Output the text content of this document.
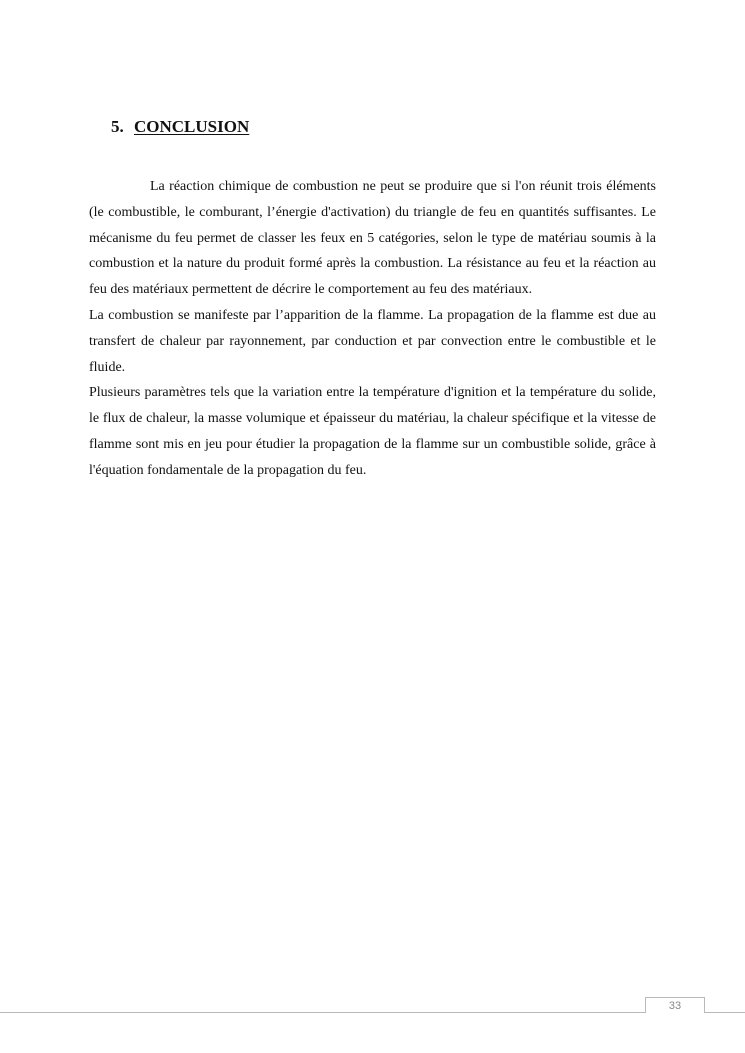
5. CONCLUSION

La réaction chimique de combustion ne peut se produire que si l'on réunit trois éléments (le combustible, le comburant, l’énergie d'activation) du triangle de feu en quantités suffisantes. Le mécanisme du feu permet de classer les feux en 5 catégories, selon le type de matériau soumis à la combustion et la nature du produit formé après la combustion. La résistance au feu et la réaction au feu des matériaux permettent de décrire le comportement au feu des matériaux.

La combustion se manifeste par l’apparition de la flamme. La propagation de la flamme est due au transfert de chaleur par rayonnement, par conduction et par convection entre le combustible et le fluide.

Plusieurs paramètres tels que la variation entre la température d'ignition et la température du solide, le flux de chaleur, la masse volumique et épaisseur du matériau, la chaleur spécifique et la vitesse de flamme sont mis en jeu pour étudier la propagation de la flamme sur un combustible solide, grâce à l'équation fondamentale de la propagation du feu.

33
